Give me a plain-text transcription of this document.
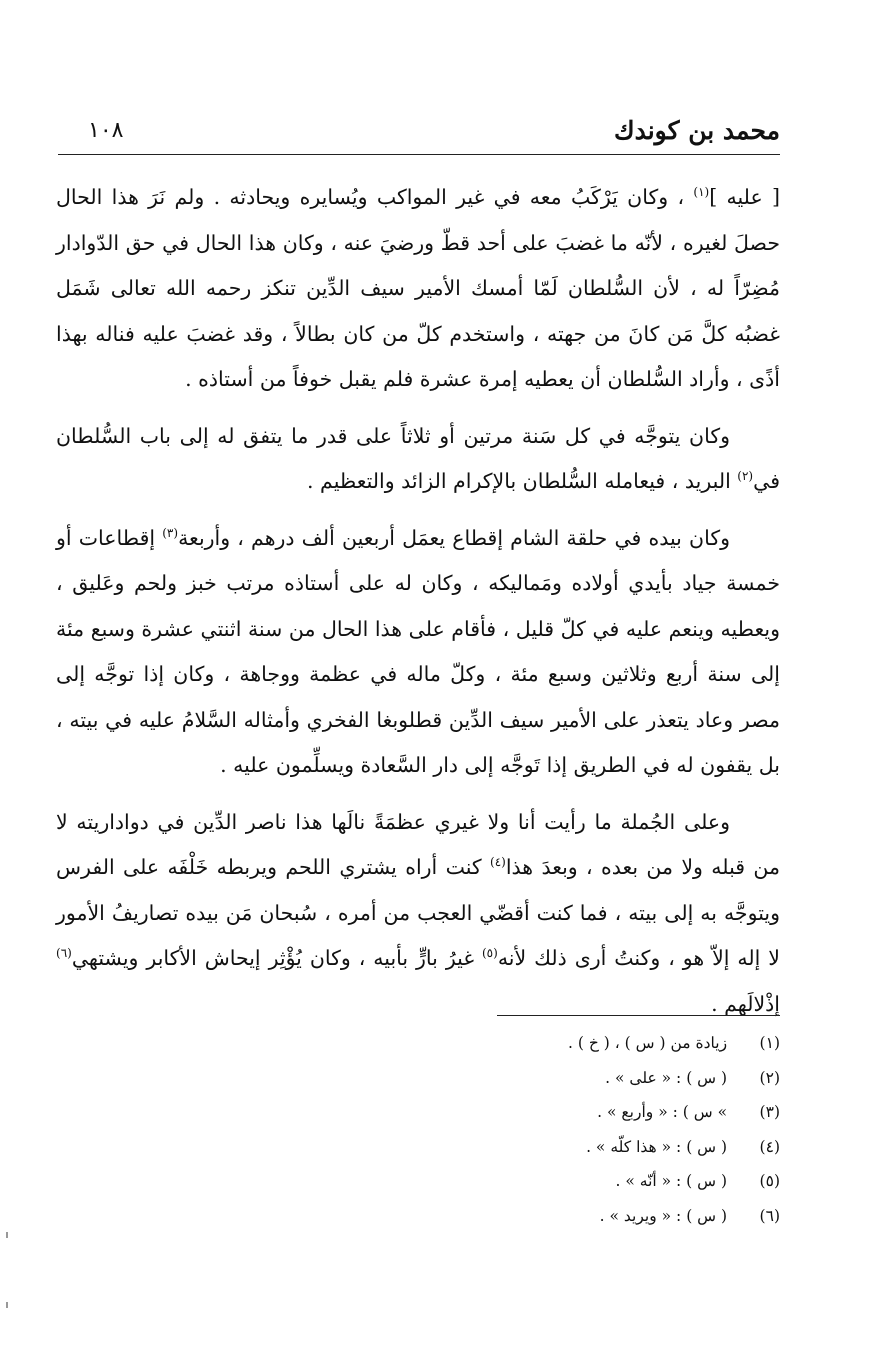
محمد بن كوندك
١٠٨

[ عليه ]$^{(١)}$ ، وكان يَرْكَبُ معه في غير المواكب ويُسايره ويحادثه . ولم نَرَ هذا الحال حصلَ لغيره ، لأنّه ما غضبَ على أحد قطّ ورضيَ عنه ، وكان هذا الحال في حق الدّوادار مُضِرّاً له ، لأن السُّلطان لَمّا أمسك الأمير سيف الدِّين تنكز رحمه الله تعالى شَمَل غضبُه كلَّ مَن كانَ من جهته ، واستخدم كلّ من كان بطالاً ، وقد غضبَ عليه فناله بهذا أذًى ، وأراد السُّلطان أن يعطيه إمرة عشرة فلم يقبل خوفاً من أستاذه .

وكان يتوجَّه في كل سَنة مرتين أو ثلاثاً على قدر ما يتفق له إلى باب السُّلطان في$^{(٢)}$ البريد ، فيعامله السُّلطان بالإكرام الزائد والتعظيم .

وكان بيده في حلقة الشام إقطاع يعمَل أربعين ألف درهم ، وأربعة$^{(٣)}$ إقطاعات أو خمسة جياد بأيدي أولاده ومَماليكه ، وكان له على أستاذه مرتب خبز ولحم وعَليق ، ويعطيه وينعم عليه في كلّ قليل ، فأقام على هذا الحال من سنة اثنتي عشرة وسبع مئة إلى سنة أربع وثلاثين وسبع مئة ، وكلّ ماله في عظمة ووجاهة ، وكان إذا توجَّه إلى مصر وعاد يتعذر على الأمير سيف الدِّين قطلوبغا الفخري وأمثاله السَّلامُ عليه في بيته ، بل يقفون له في الطريق إذا تَوجَّه إلى دار السَّعادة ويسلِّمون عليه .

وعلى الجُملة ما رأيت أنا ولا غيري عظمَةً نالَها هذا ناصر الدِّين في دواداريته لا من قبله ولا من بعده ، وبعدَ هذا$^{(٤)}$ كنت أراه يشتري اللحم ويربطه خَلْفَه على الفرس ويتوجَّه به إلى بيته ، فما كنت أقضّي العجب من أمره ، سُبحان مَن بيده تصاريفُ الأمور لا إله إلاّ هو ، وكنتُ أرى ذلك لأنه$^{(٥)}$ غيرُ بارٍّ بأبيه ، وكان يُؤْثِر إيحاش الأكابر ويشتهي$^{(٦)}$ إذْلالَهم .

(١) زيادة من ( س ) ، ( خ ) .
(٢) ( س ) : « على » .
(٣) » س ) : « وأربع » .
(٤) ( س ) : « هذا كلّه » .
(٥) ( س ) : « أنّه » .
(٦) ( س ) : « ويريد » .
